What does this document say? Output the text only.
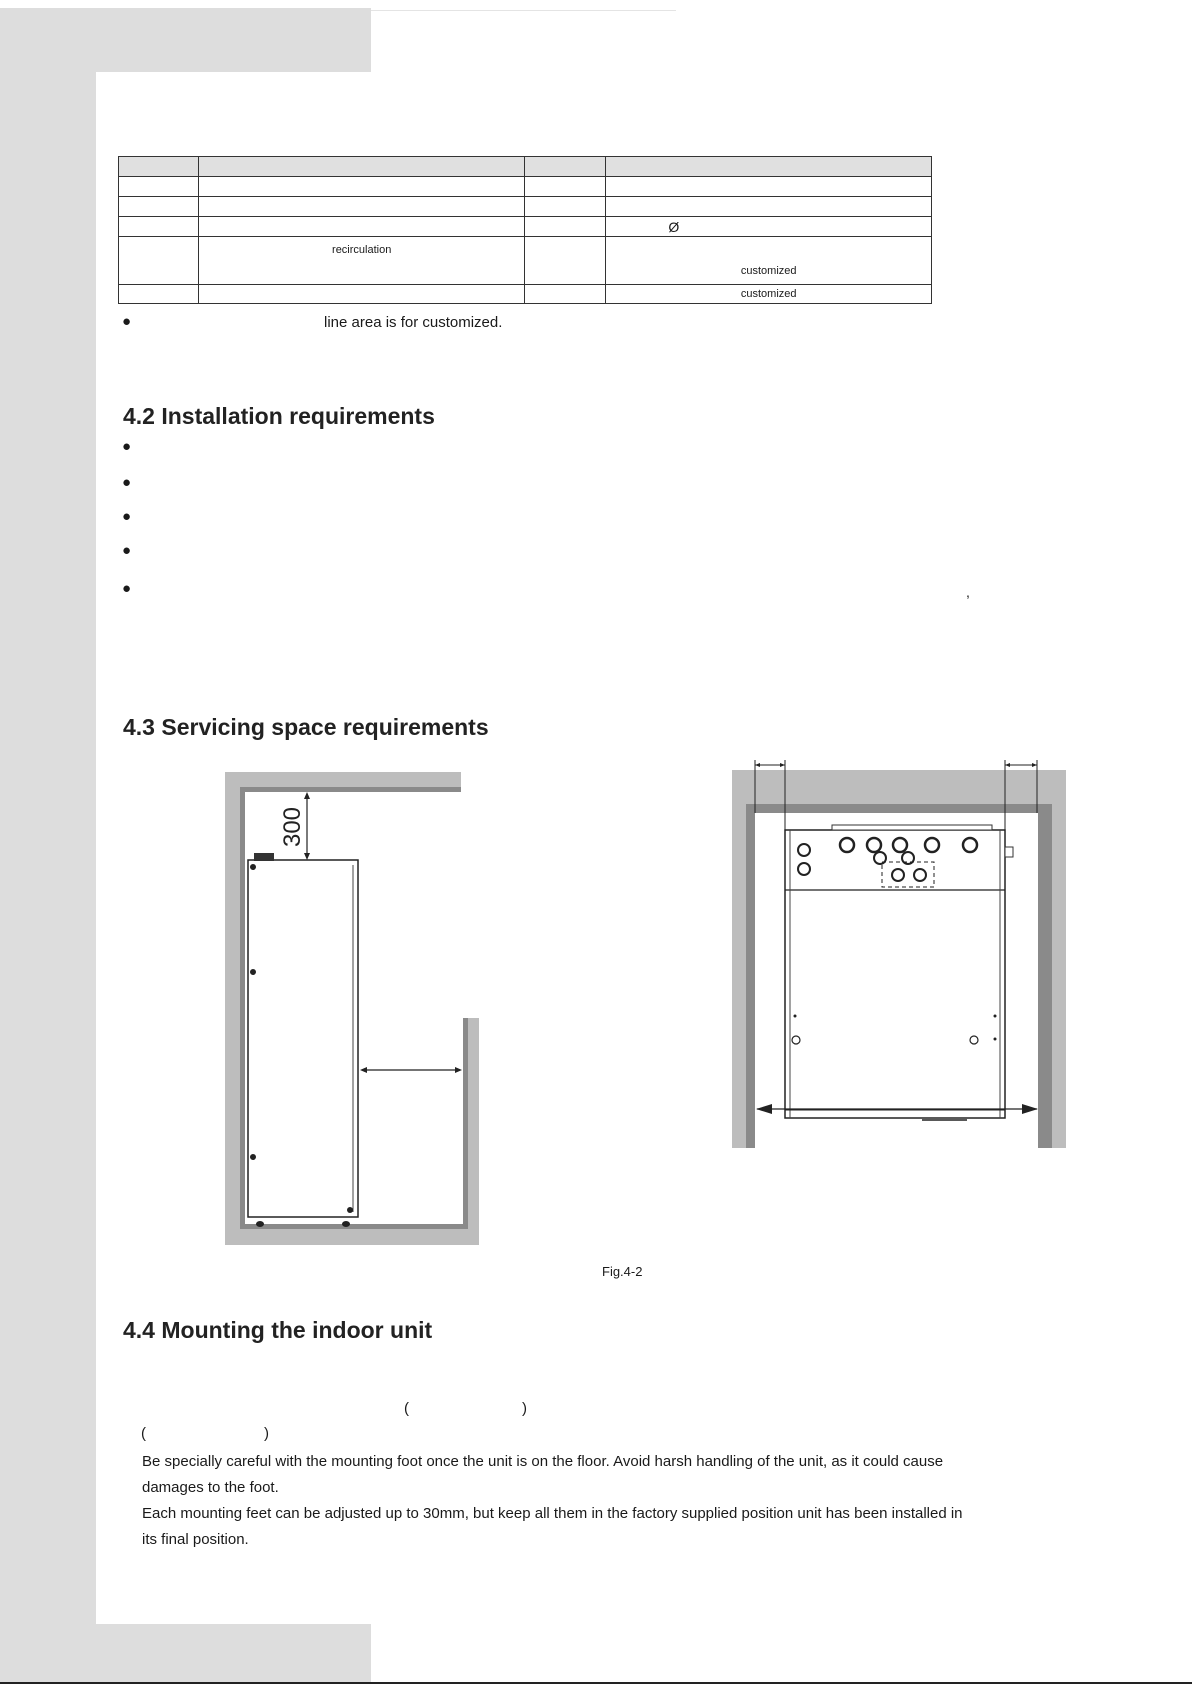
			Ø
	recirculation		customized
			customized
●	line area is for customized.
4.2 Installation requirements
●
●
●
●
●	,
4.3 Servicing space requirements
300
Fig.4-2
4.4 Mounting the indoor unit
(	)
(	)
Be specially careful with the mounting foot once the unit is on the floor. Avoid harsh handling of the unit, as it could cause
damages to the foot.
Each mounting feet can be adjusted up to 30mm, but keep all them in the factory supplied position unit has been installed in
its final position.
